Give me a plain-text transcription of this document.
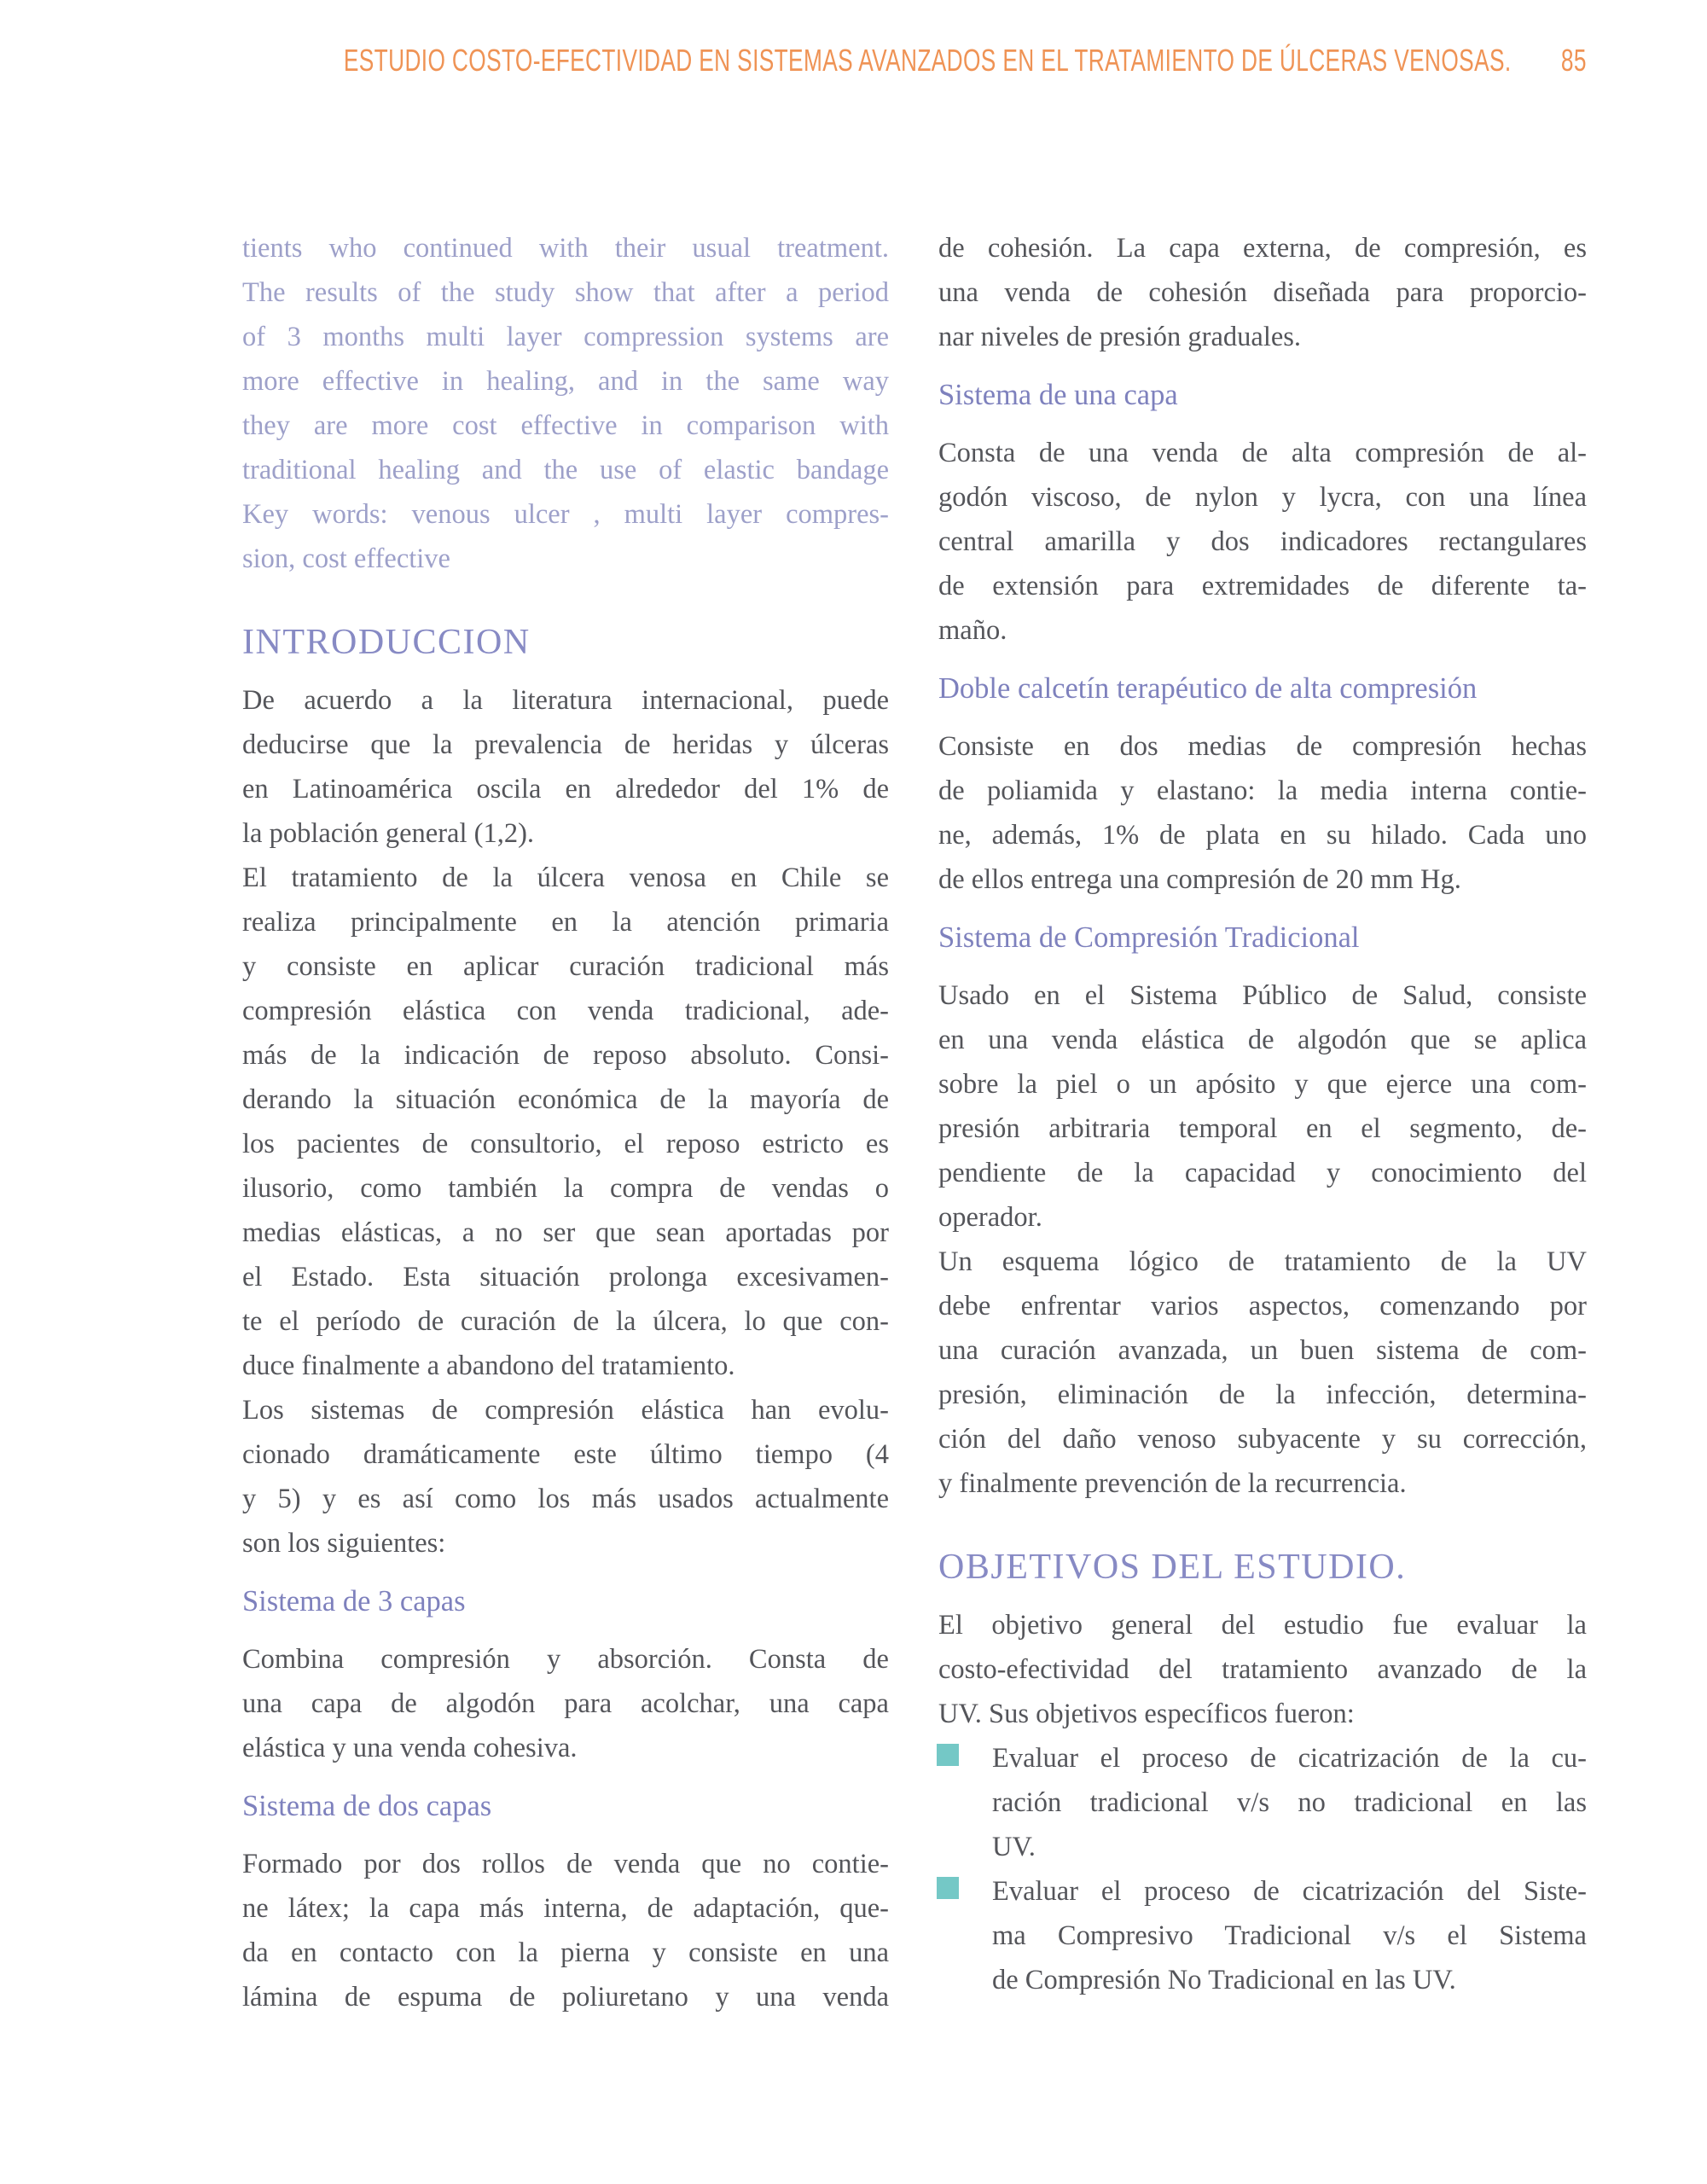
ESTUDIO COSTO-EFECTIVIDAD EN SISTEMAS AVANZADOS EN EL TRATAMIENTO DE ÚLCERAS VENOSAS. 85
tients who continued with their usual treatment.
The results of the study show that after a period
of 3 months multi layer compression systems are
more effective in healing, and in the same way
they are more cost effective in comparison with
traditional healing and the use of elastic bandage
Key words: venous ulcer , multi layer compres-
sion, cost effective
INTRODUCCION
De acuerdo a la literatura internacional, puede
deducirse que la prevalencia de heridas y úlceras
en Latinoamérica oscila en alrededor del 1% de
la población general (1,2).
El tratamiento de la úlcera venosa en Chile se
realiza principalmente en la atención primaria
y consiste en aplicar curación tradicional más
compresión elástica con venda tradicional, ade-
más de la indicación de reposo absoluto. Consi-
derando la situación económica de la mayoría de
los pacientes de consultorio, el reposo estricto es
ilusorio, como también la compra de vendas o
medias elásticas, a no ser que sean aportadas por
el Estado. Esta situación prolonga excesivamen-
te el período de curación de la úlcera, lo que con-
duce finalmente a abandono del tratamiento.
Los sistemas de compresión elástica han evolu-
cionado dramáticamente este último tiempo (4
y 5) y es así como los más usados actualmente
son los siguientes:
Sistema de 3 capas
Combina compresión y absorción. Consta de
una capa de algodón para acolchar, una capa
elástica y una venda cohesiva.
Sistema de dos capas
Formado por dos rollos de venda que no contie-
ne látex; la capa más interna, de adaptación, que-
da en contacto con la pierna y consiste en una
lámina de espuma de poliuretano y una venda
de cohesión. La capa externa, de compresión, es
una venda de cohesión diseñada para proporcio-
nar niveles de presión graduales.
Sistema de una capa
Consta de una venda de alta compresión de al-
godón viscoso, de nylon y lycra, con una línea
central amarilla y dos indicadores rectangulares
de extensión para extremidades de diferente ta-
maño.
Doble calcetín terapéutico de alta compresión
Consiste en dos medias de compresión hechas
de poliamida y elastano: la media interna contie-
ne, además, 1% de plata en su hilado. Cada uno
de ellos entrega una compresión de 20 mm Hg.
Sistema de Compresión Tradicional
Usado en el Sistema Público de Salud, consiste
en una venda elástica de algodón que se aplica
sobre la piel o un apósito y que ejerce una com-
presión arbitraria temporal en el segmento, de-
pendiente de la capacidad y conocimiento del
operador.
Un esquema lógico de tratamiento de la UV
debe enfrentar varios aspectos, comenzando por
una curación avanzada, un buen sistema de com-
presión, eliminación de la infección, determina-
ción del daño venoso subyacente y su corrección,
y finalmente prevención de la recurrencia.
OBJETIVOS DEL ESTUDIO.
El objetivo general del estudio fue evaluar la
costo-efectividad del tratamiento avanzado de la
UV. Sus objetivos específicos fueron:
Evaluar el proceso de cicatrización de la cu-
ración tradicional v/s no tradicional en las
UV.
Evaluar el proceso de cicatrización del Siste-
ma Compresivo Tradicional v/s el Sistema
de Compresión No Tradicional en las UV.
